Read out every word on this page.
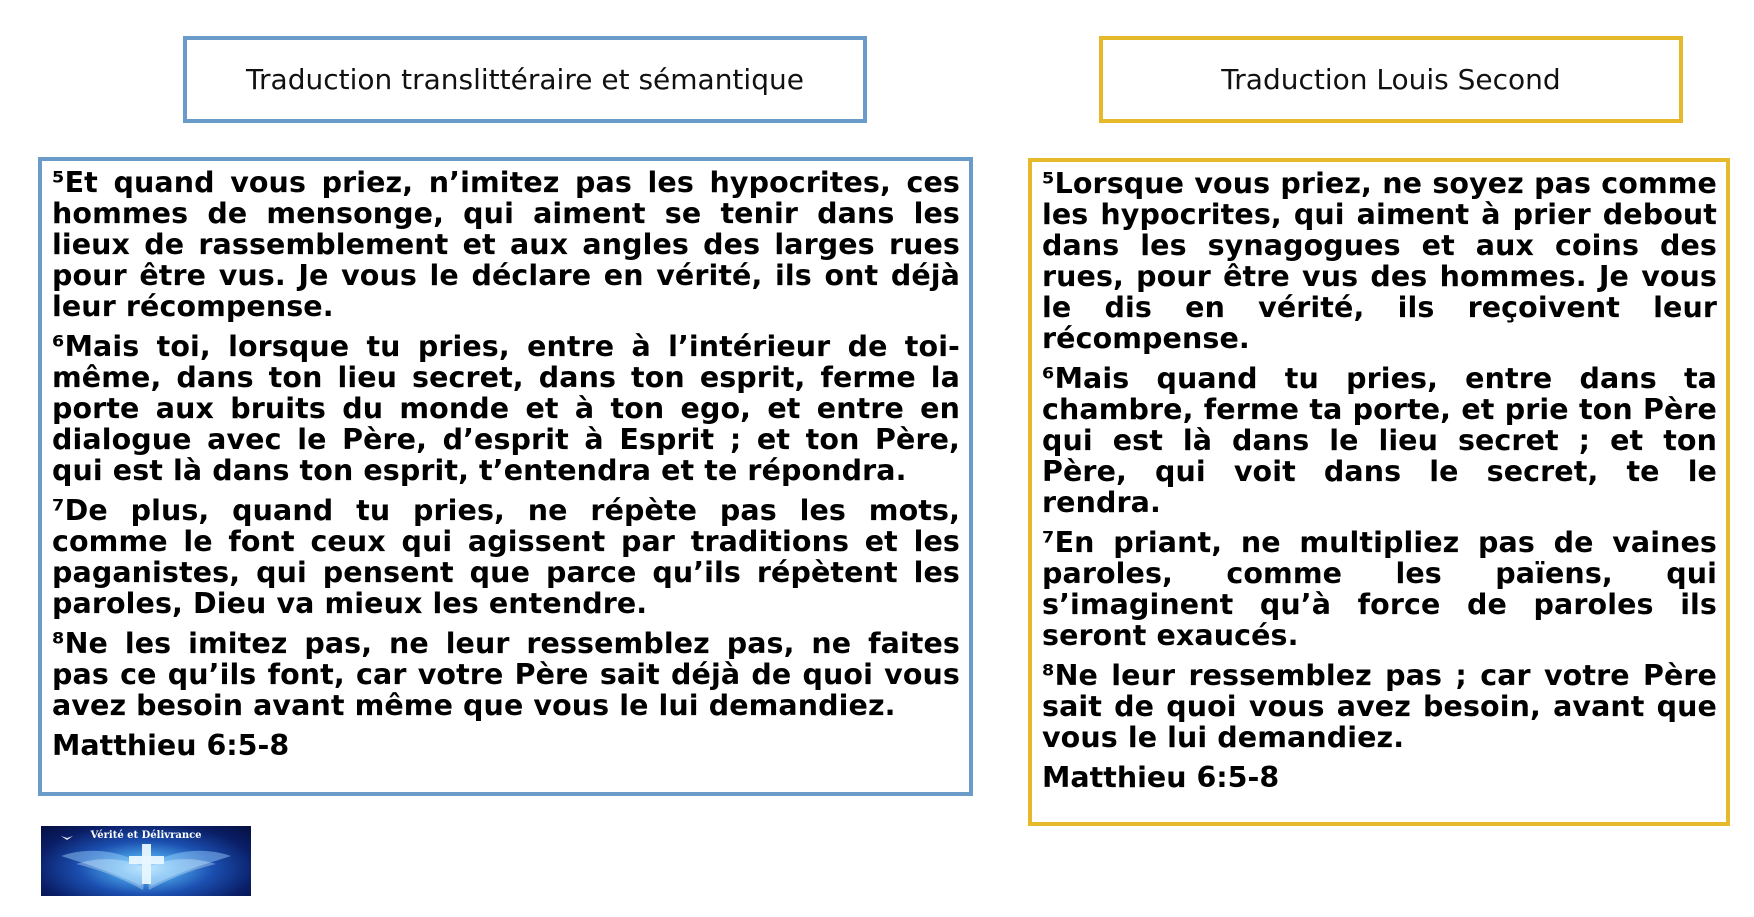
Traduction translittéraire et sémantique	Traduction Louis Second

⁵Et quand vous priez, n’imitez pas les hypocrites, ces hommes de mensonge, qui aiment se tenir dans les lieux de rassemblement et aux angles des larges rues pour être vus. Je vous le déclare en vérité, ils ont déjà leur récompense.

⁶Mais toi, lorsque tu pries, entre à l’intérieur de toi-même, dans ton lieu secret, dans ton esprit, ferme la porte aux bruits du monde et à ton ego, et entre en dialogue avec le Père, d’esprit à Esprit ; et ton Père, qui est là dans ton esprit, t’entendra et te répondra.

⁷De plus, quand tu pries, ne répète pas les mots, comme le font ceux qui agissent par traditions et les paganistes, qui pensent que parce qu’ils répètent les paroles, Dieu va mieux les entendre.

⁸Ne les imitez pas, ne leur ressemblez pas, ne faites pas ce qu’ils font, car votre Père sait déjà de quoi vous avez besoin avant même que vous le lui demandiez.

Matthieu 6:5-8

⁵Lorsque vous priez, ne soyez pas comme les hypocrites, qui aiment à prier debout dans les synagogues et aux coins des rues, pour être vus des hommes. Je vous le dis en vérité, ils reçoivent leur récompense.

⁶Mais quand tu pries, entre dans ta chambre, ferme ta porte, et prie ton Père qui est là dans le lieu secret ; et ton Père, qui voit dans le secret, te le rendra.

⁷En priant, ne multipliez pas de vaines paroles, comme les païens, qui s’imaginent qu’à force de paroles ils seront exaucés.

⁸Ne leur ressemblez pas ; car votre Père sait de quoi vous avez besoin, avant que vous le lui demandiez.

Matthieu 6:5-8

Vérité et Délivrance
